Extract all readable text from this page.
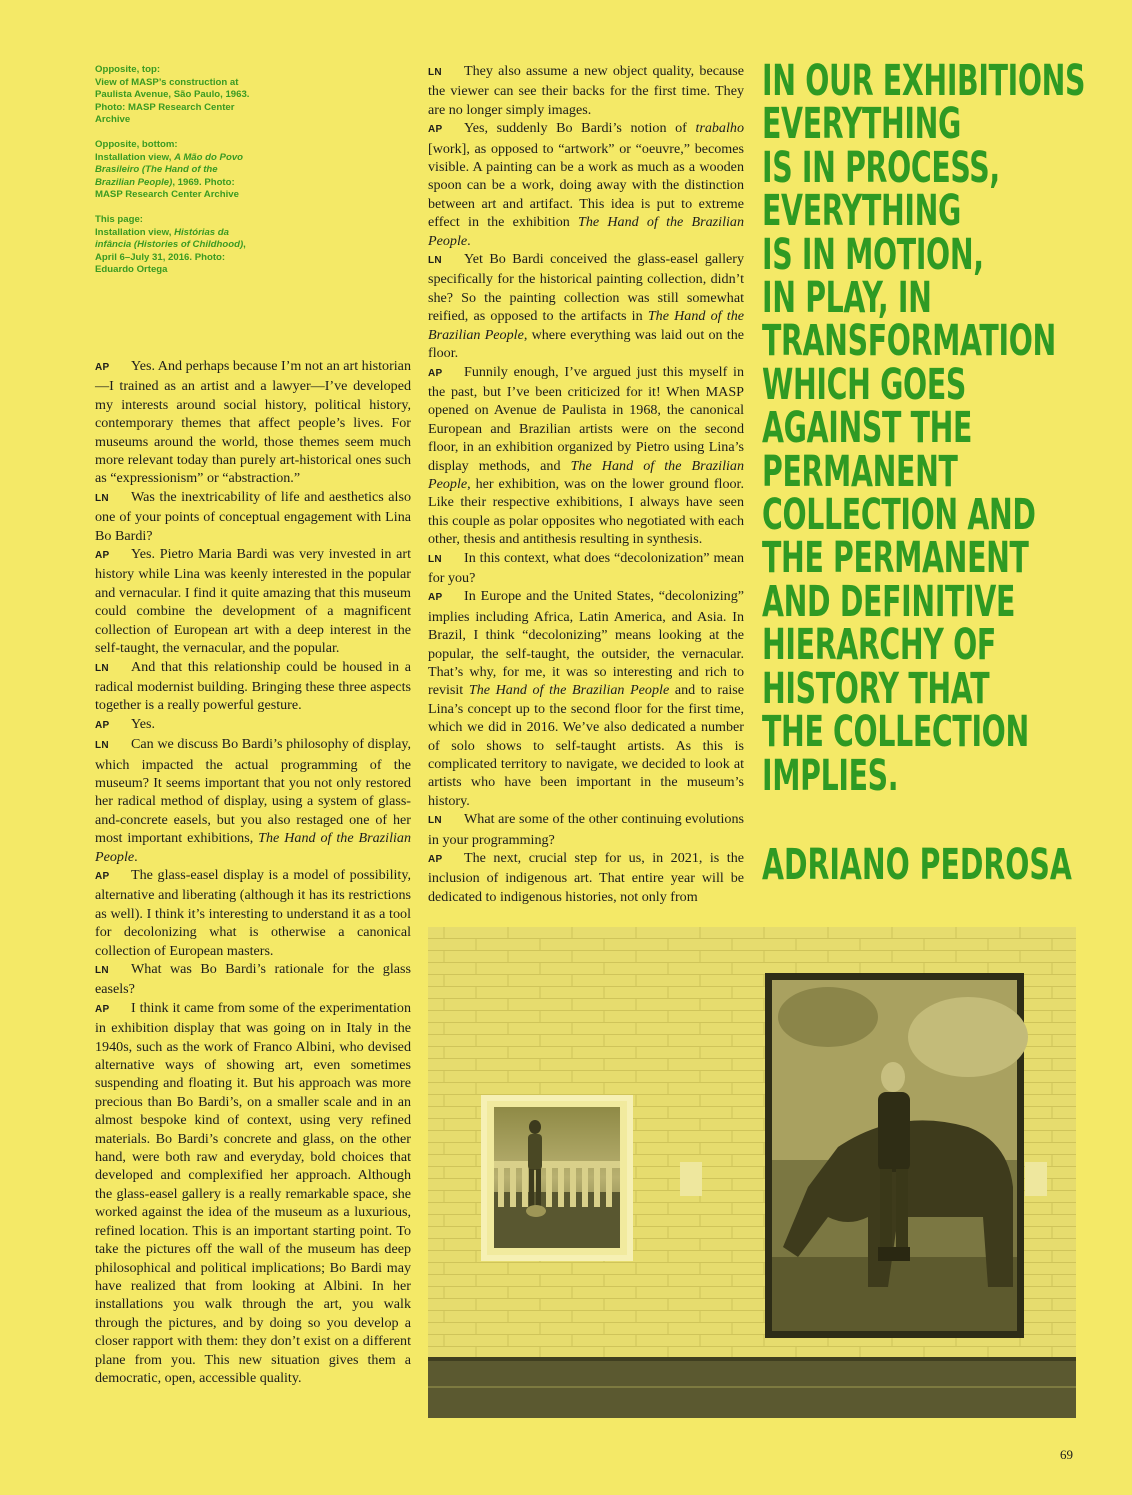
Opposite, top:
View of MASP’s construction at Paulista Avenue, São Paulo, 1963. Photo: MASP Research Center Archive

Opposite, bottom:
Installation view, A Mão do Povo Brasileiro (The Hand of the Brazilian People), 1969. Photo: MASP Research Center Archive

This page:
Installation view, Histórias da infância (Histories of Childhood), April 6–July 31, 2016. Photo: Eduardo Ortega

AP Yes. And perhaps because I’m not an art historian—I trained as an artist and a lawyer—I’ve developed my interests around social history, political history, contemporary themes that affect people’s lives. For museums around the world, those themes seem much more relevant today than purely art-historical ones such as “expressionism” or “abstraction.”

LN Was the inextricability of life and aesthetics also one of your points of conceptual engagement with Lina Bo Bardi?

AP Yes. Pietro Maria Bardi was very invested in art history while Lina was keenly interested in the popular and vernacular. I find it quite amazing that this museum could combine the development of a magnificent collection of European art with a deep interest in the self-taught, the vernacular, and the popular.

LN And that this relationship could be housed in a radical modernist building. Bringing these three aspects together is a really powerful gesture.

AP Yes.

LN Can we discuss Bo Bardi’s philosophy of display, which impacted the actual programming of the museum? It seems important that you not only restored her radical method of display, using a system of glass-and-concrete easels, but you also restaged one of her most important exhibitions, The Hand of the Brazilian People.

AP The glass-easel display is a model of possibility, alternative and liberating (although it has its restrictions as well). I think it’s interesting to understand it as a tool for decolonizing what is otherwise a canonical collection of European masters.

LN What was Bo Bardi’s rationale for the glass easels?

AP I think it came from some of the experimentation in exhibition display that was going on in Italy in the 1940s, such as the work of Franco Albini, who devised alternative ways of showing art, even sometimes suspending and floating it. But his approach was more precious than Bo Bardi’s, on a smaller scale and in an almost bespoke kind of context, using very refined materials. Bo Bardi’s concrete and glass, on the other hand, were both raw and everyday, bold choices that developed and complexified her approach. Although the glass-easel gallery is a really remarkable space, she worked against the idea of the museum as a luxurious, refined location. This is an important starting point. To take the pictures off the wall of the museum has deep philosophical and political implications; Bo Bardi may have realized that from looking at Albini. In her installations you walk through the art, you walk through the pictures, and by doing so you develop a closer rapport with them: they don’t exist on a different plane from you. This new situation gives them a democratic, open, accessible quality.

LN They also assume a new object quality, because the viewer can see their backs for the first time. They are no longer simply images.

AP Yes, suddenly Bo Bardi’s notion of trabalho [work], as opposed to “artwork” or “oeuvre,” becomes visible. A painting can be a work as much as a wooden spoon can be a work, doing away with the distinction between art and artifact. This idea is put to extreme effect in the exhibition The Hand of the Brazilian People.

LN Yet Bo Bardi conceived the glass-easel gallery specifically for the historical painting collection, didn’t she? So the painting collection was still somewhat reified, as opposed to the artifacts in The Hand of the Brazilian People, where everything was laid out on the floor.

AP Funnily enough, I’ve argued just this myself in the past, but I’ve been criticized for it! When MASP opened on Avenue de Paulista in 1968, the canonical European and Brazilian artists were on the second floor, in an exhibition organized by Pietro using Lina’s display methods, and The Hand of the Brazilian People, her exhibition, was on the lower ground floor. Like their respective exhibitions, I always have seen this couple as polar opposites who negotiated with each other, thesis and antithesis resulting in synthesis.

LN In this context, what does “decolonization” mean for you?

AP In Europe and the United States, “decolonizing” implies including Africa, Latin America, and Asia. In Brazil, I think “decolonizing” means looking at the popular, the self-taught, the outsider, the vernacular. That’s why, for me, it was so interesting and rich to revisit The Hand of the Brazilian People and to raise Lina’s concept up to the second floor for the first time, which we did in 2016. We’ve also dedicated a number of solo shows to self-taught artists. As this is complicated territory to navigate, we decided to look at artists who have been important in the museum’s history.

LN What are some of the other continuing evolutions in your programming?

AP The next, crucial step for us, in 2021, is the inclusion of indigenous art. That entire year will be dedicated to indigenous histories, not only from

IN OUR EXHIBITIONS
EVERYTHING
IS IN PROCESS,
EVERYTHING
IS IN MOTION,
IN PLAY, IN
TRANSFORMATION
WHICH GOES
AGAINST THE
PERMANENT
COLLECTION AND
THE PERMANENT
AND DEFINITIVE
HIERARCHY OF
HISTORY THAT
THE COLLECTION
IMPLIES.
ADRIANO PEDROSA
69
